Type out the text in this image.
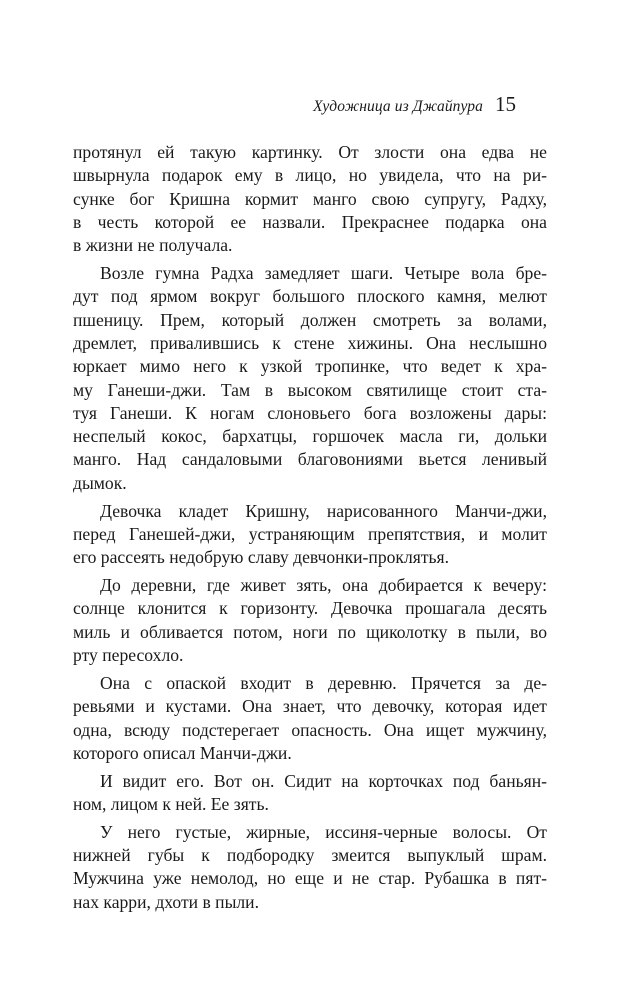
Художница из Джайпура 15

протянул ей такую картинку. От злости она едва не
швырнула подарок ему в лицо, но увидела, что на ри-
сунке бог Кришна кормит манго свою супругу, Радху,
в честь которой ее назвали. Прекраснее подарка она
в жизни не получала.

Возле гумна Радха замедляет шаги. Четыре вола бре-
дут под ярмом вокруг большого плоского камня, мелют
пшеницу. Прем, который должен смотреть за волами,
дремлет, привалившись к стене хижины. Она неслышно
юркает мимо него к узкой тропинке, что ведет к хра-
му Ганеши-джи. Там в высоком святилище стоит ста-
туя Ганеши. К ногам слоновьего бога возложены дары:
неспелый кокос, бархатцы, горшочек масла ги, дольки
манго. Над сандаловыми благовониями вьется ленивый
дымок.

Девочка кладет Кришну, нарисованного Манчи-джи,
перед Ганешей-джи, устраняющим препятствия, и молит
его рассеять недобрую славу девчонки-проклятья.

До деревни, где живет зять, она добирается к вечеру:
солнце клонится к горизонту. Девочка прошагала десять
миль и обливается потом, ноги по щиколотку в пыли, во
рту пересохло.

Она с опаской входит в деревню. Прячется за де-
ревьями и кустами. Она знает, что девочку, которая идет
одна, всюду подстерегает опасность. Она ищет мужчину,
которого описал Манчи-джи.

И видит его. Вот он. Сидит на корточках под баньян-
ном, лицом к ней. Ее зять.

У него густые, жирные, иссиня-черные волосы. От
нижней губы к подбородку змеится выпуклый шрам.
Мужчина уже немолод, но еще и не стар. Рубашка в пят-
нах карри, дхоти в пыли.
